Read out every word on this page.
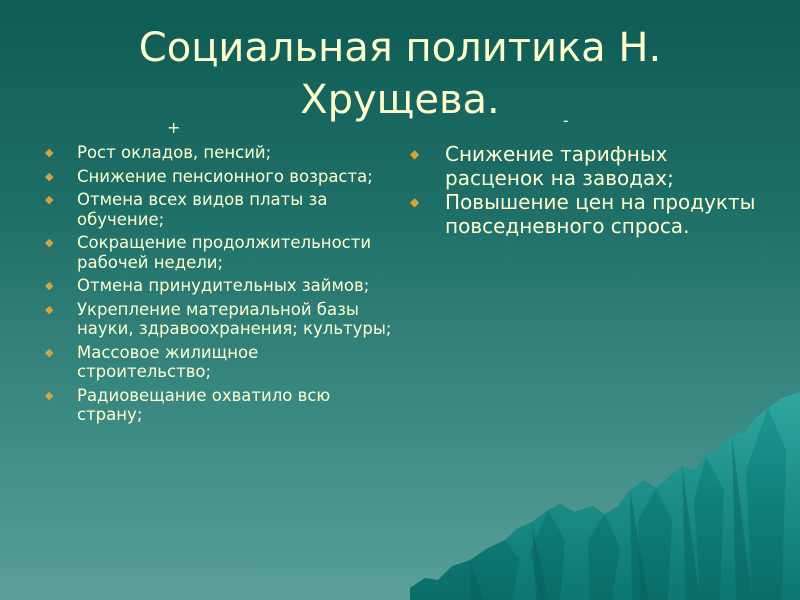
Социальная политика Н. Хрущева.
+	-
◆ Рост окладов, пенсий;
◆ Снижение пенсионного возраста;
◆ Отмена всех видов платы за обучение;
◆ Сокращение продолжительности рабочей недели;
◆ Отмена принудительных займов;
◆ Укрепление материальной базы науки, здравоохранения; культуры;
◆ Массовое жилищное строительство;
◆ Радиовещание охватило всю страну;
◆ Снижение тарифных расценок на заводах;
◆ Повышение цен на продукты повседневного спроса.
